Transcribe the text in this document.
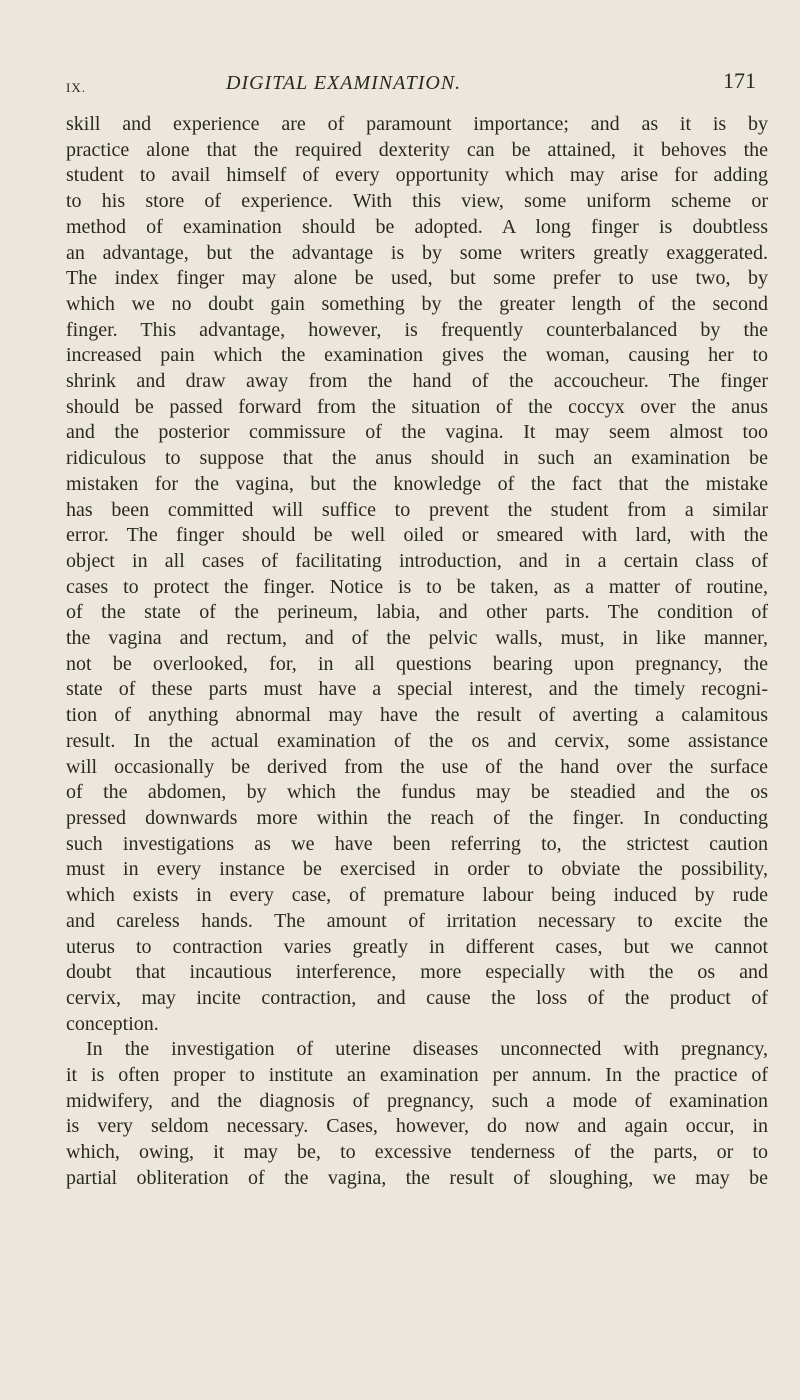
IX.	DIGITAL EXAMINATION.	171
skill and experience are of paramount importance; and as it is by
practice alone that the required dexterity can be attained, it behoves the
student to avail himself of every opportunity which may arise for adding
to his store of experience. With this view, some uniform scheme or
method of examination should be adopted. A long finger is doubtless
an advantage, but the advantage is by some writers greatly exaggerated.
The index finger may alone be used, but some prefer to use two, by
which we no doubt gain something by the greater length of the second
finger. This advantage, however, is frequently counterbalanced by the
increased pain which the examination gives the woman, causing her to
shrink and draw away from the hand of the accoucheur. The finger
should be passed forward from the situation of the coccyx over the anus
and the posterior commissure of the vagina. It may seem almost too
ridiculous to suppose that the anus should in such an examination be
mistaken for the vagina, but the knowledge of the fact that the mistake
has been committed will suffice to prevent the student from a similar
error. The finger should be well oiled or smeared with lard, with the
object in all cases of facilitating introduction, and in a certain class of
cases to protect the finger. Notice is to be taken, as a matter of routine,
of the state of the perineum, labia, and other parts. The condition of
the vagina and rectum, and of the pelvic walls, must, in like manner,
not be overlooked, for, in all questions bearing upon pregnancy, the
state of these parts must have a special interest, and the timely recogni-
tion of anything abnormal may have the result of averting a calamitous
result. In the actual examination of the os and cervix, some assistance
will occasionally be derived from the use of the hand over the surface
of the abdomen, by which the fundus may be steadied and the os
pressed downwards more within the reach of the finger. In conducting
such investigations as we have been referring to, the strictest caution
must in every instance be exercised in order to obviate the possibility,
which exists in every case, of premature labour being induced by rude
and careless hands. The amount of irritation necessary to excite the
uterus to contraction varies greatly in different cases, but we cannot
doubt that incautious interference, more especially with the os and
cervix, may incite contraction, and cause the loss of the product of
conception.
In the investigation of uterine diseases unconnected with pregnancy,
it is often proper to institute an examination per annum. In the practice of
midwifery, and the diagnosis of pregnancy, such a mode of examination
is very seldom necessary. Cases, however, do now and again occur, in
which, owing, it may be, to excessive tenderness of the parts, or to
partial obliteration of the vagina, the result of sloughing, we may be
